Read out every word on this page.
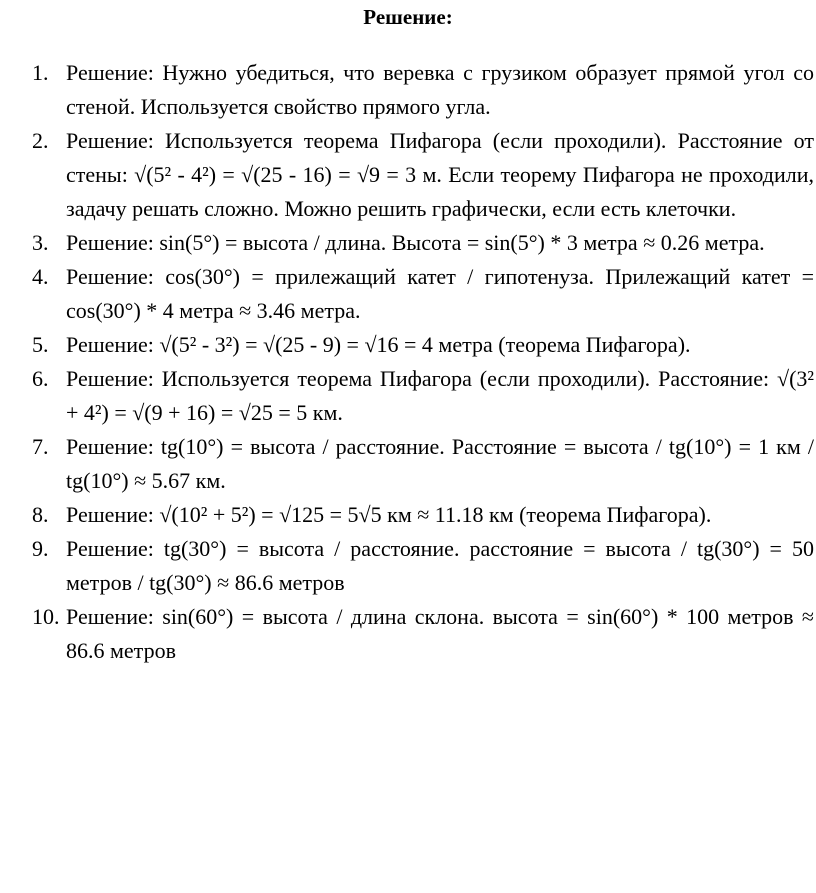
Решение:
1. Решение: Нужно убедиться, что веревка с грузиком образует прямой угол со стеной. Используется свойство прямого угла.
2. Решение: Используется теорема Пифагора (если проходили). Расстояние от стены: √(5² - 4²) = √(25 - 16) = √9 = 3 м. Если теорему Пифагора не проходили, задачу решать сложно. Можно решить графически, если есть клеточки.
3. Решение: sin(5°) = высота / длина. Высота = sin(5°) * 3 метра ≈ 0.26 метра.
4. Решение: cos(30°) = прилежащий катет / гипотенуза. Прилежащий катет = cos(30°) * 4 метра ≈ 3.46 метра.
5. Решение: √(5² - 3²) = √(25 - 9) = √16 = 4 метра (теорема Пифагора).
6. Решение: Используется теорема Пифагора (если проходили). Расстояние: √(3² + 4²) = √(9 + 16) = √25 = 5 км.
7. Решение: tg(10°) = высота / расстояние. Расстояние = высота / tg(10°) = 1 км / tg(10°) ≈ 5.67 км.
8. Решение: √(10² + 5²) = √125 = 5√5 км ≈ 11.18 км (теорема Пифагора).
9. Решение: tg(30°) = высота / расстояние. расстояние = высота / tg(30°) = 50 метров / tg(30°) ≈ 86.6 метров
10. Решение: sin(60°) = высота / длина склона. высота = sin(60°) * 100 метров ≈ 86.6 метров
